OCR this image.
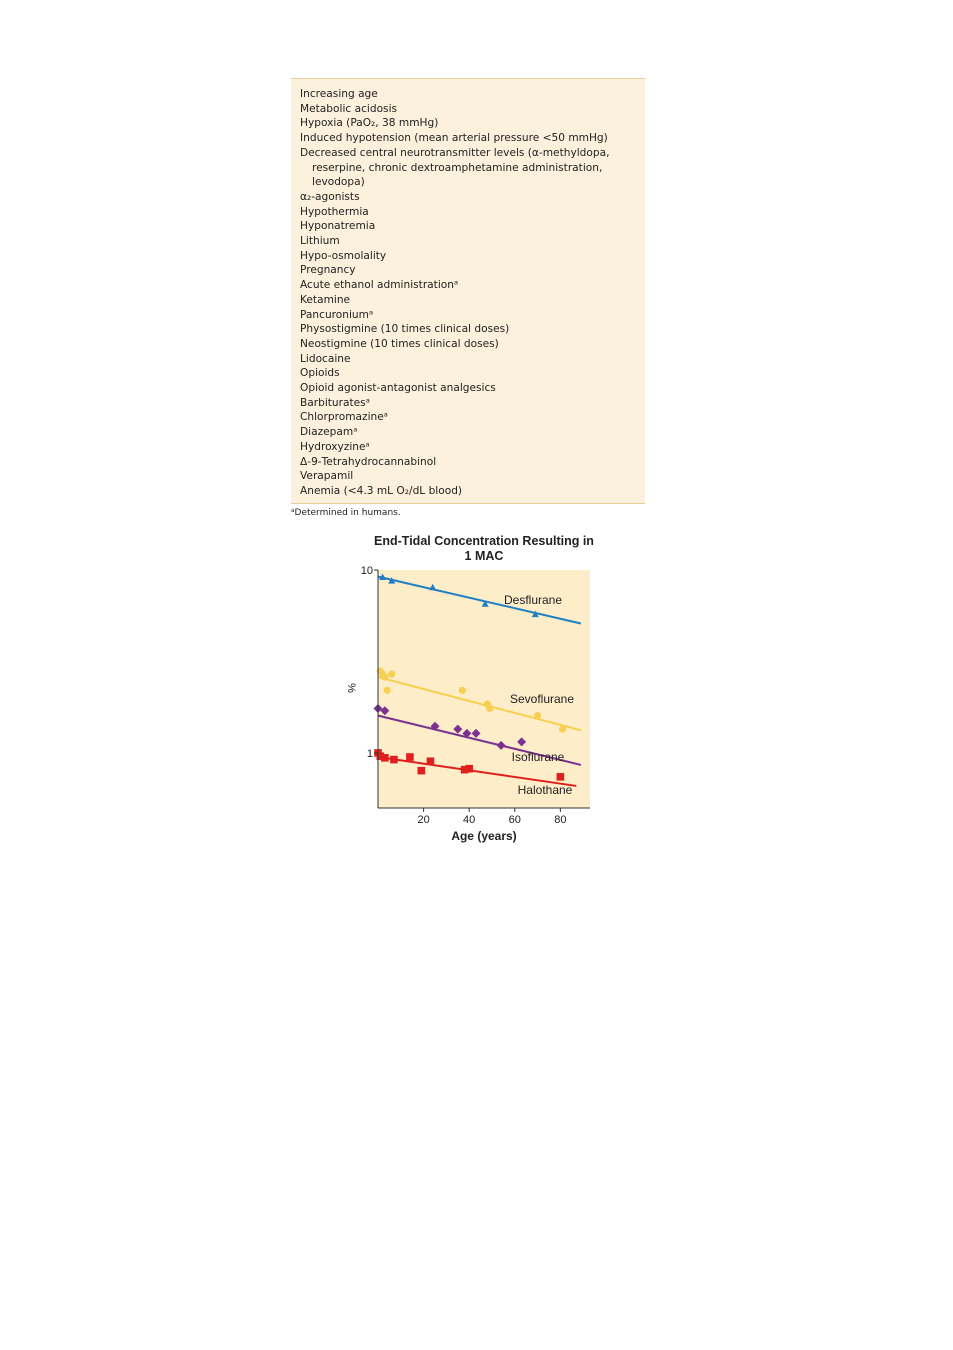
Increasing age
Metabolic acidosis
Hypoxia (PaO₂, 38 mmHg)
Induced hypotension (mean arterial pressure <50 mmHg)
Decreased central neurotransmitter levels (α-methyldopa,
reserpine, chronic dextroamphetamine administration,
levodopa)
α₂-agonists
Hypothermia
Hyponatremia
Lithium
Hypo-osmolality
Pregnancy
Acute ethanol administrationᵃ
Ketamine
Pancuroniumᵃ
Physostigmine (10 times clinical doses)
Neostigmine (10 times clinical doses)
Lidocaine
Opioids
Opioid agonist-antagonist analgesics
Barbituratesᵃ
Chlorpromazineᵃ
Diazepamᵃ
Hydroxyzineᵃ
Δ-9-Tetrahydrocannabinol
Verapamil
Anemia (<4.3 mL O₂/dL blood)
ᵃDetermined in humans.
End-Tidal Concentration Resulting in
1 MAC
Desflurane
Sevoflurane
Isoflurane
Halothane
20	40	60	80
1
10
%
Age (years)
